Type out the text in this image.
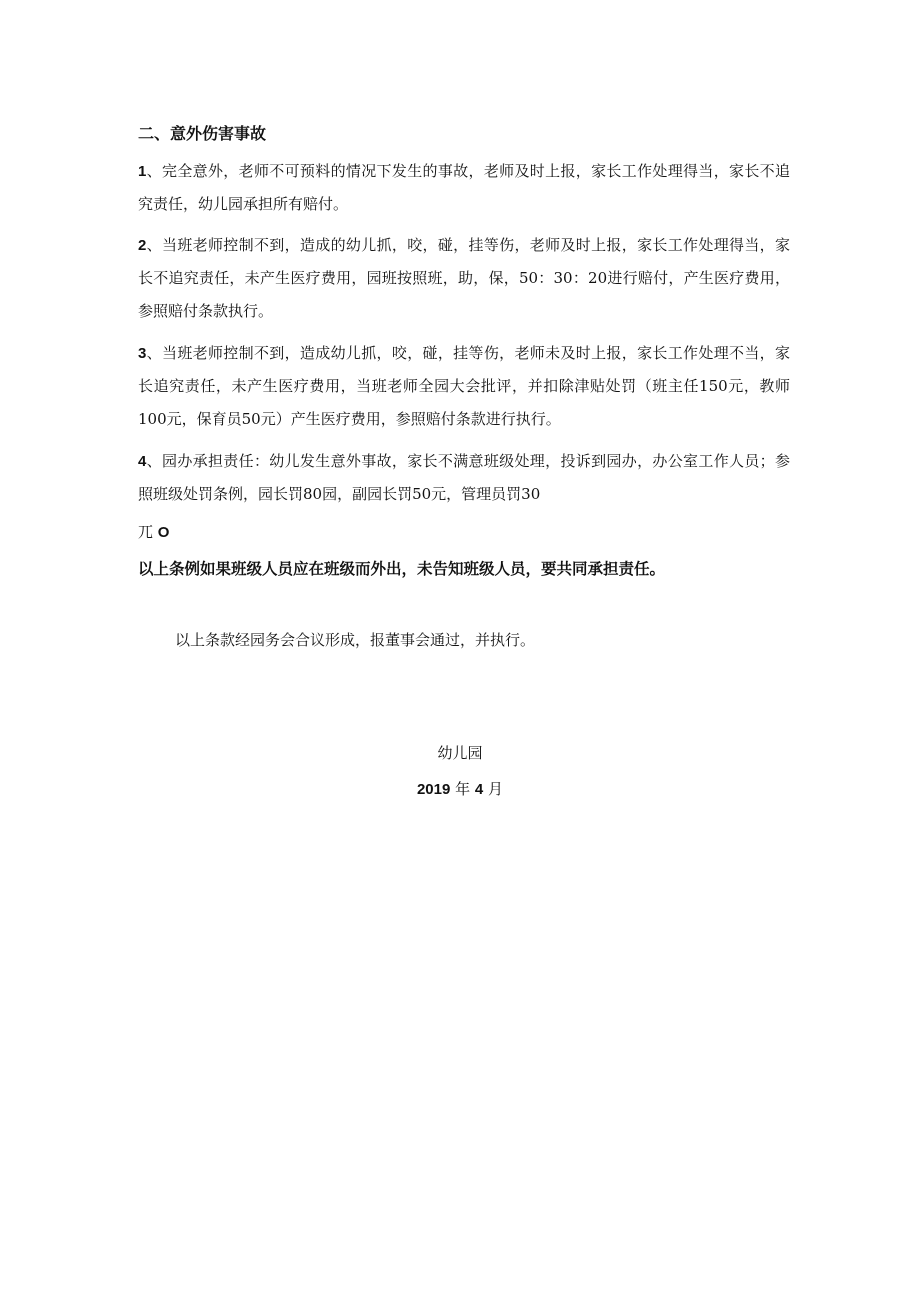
二、意外伤害事故
1、完全意外，老师不可预料的情况下发生的事故，老师及时上报，家长工作处理得当，家长不追究责任，幼儿园承担所有赔付。
2、当班老师控制不到，造成的幼儿抓，咬，碰，挂等伤，老师及时上报，家长工作处理得当，家长不追究责任，未产生医疗费用，园班按照班，助，保，50：30：20进行赔付，产生医疗费用，参照赔付条款执行。
3、当班老师控制不到，造成幼儿抓，咬，碰，挂等伤，老师未及时上报，家长工作处理不当，家长追究责任，未产生医疗费用，当班老师全园大会批评，并扣除津贴处罚（班主任150元，教师100元，保育员50元）产生医疗费用，参照赔付条款进行执行。
4、园办承担责任：幼儿发生意外事故，家长不满意班级处理，投诉到园办，办公室工作人员；参照班级处罚条例，园长罚80园，副园长罚50元，管理员罚30
兀 O
以上条例如果班级人员应在班级而外出，未告知班级人员，要共同承担责任。
以上条款经园务会合议形成，报董事会通过，并执行。
幼儿园
2019 年 4 月
